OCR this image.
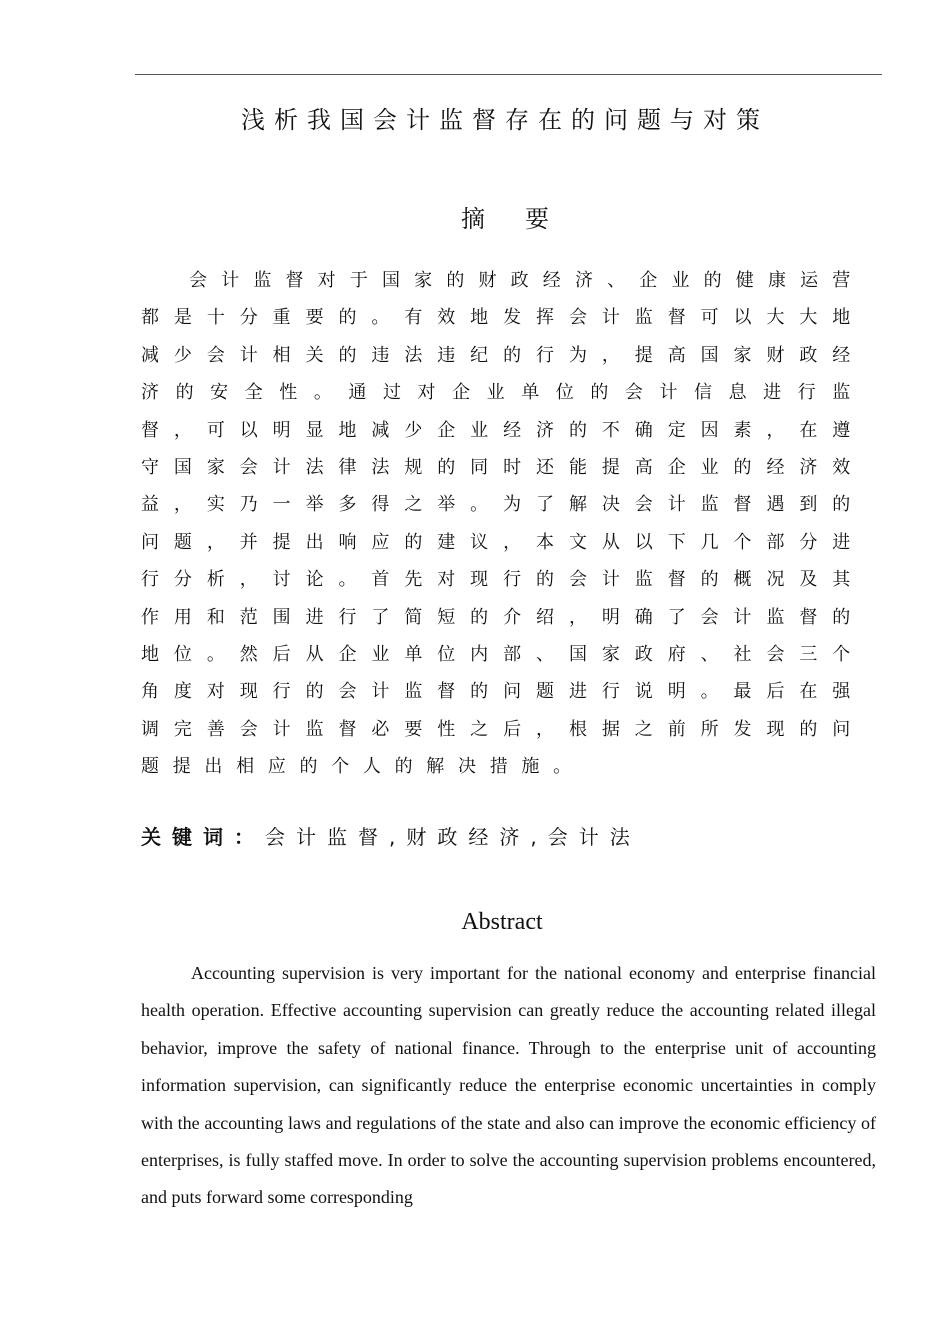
浅析我国会计监督存在的问题与对策
摘 要

会计监督对于国家的财政经济、企业的健康运营都是十分重要的。有效地发挥会计监督可以大大地减少会计相关的违法违纪的行为，提高国家财政经济的安全性。通过对企业单位的会计信息进行监督，可以明显地减少企业经济的不确定因素，在遵守国家会计法律法规的同时还能提高企业的经济效益，实乃一举多得之举。为了解决会计监督遇到的问题，并提出响应的建议，本文从以下几个部分进行分析，讨论。首先对现行的会计监督的概况及其作用和范围进行了简短的介绍，明确了会计监督的地位。然后从企业单位内部、国家政府、社会三个角度对现行的会计监督的问题进行说明。最后在强调完善会计监督必要性之后，根据之前所发现的问题提出相应的个人的解决措施。

关键词：会计监督,财政经济,会计法
Abstract

Accounting supervision is very important for the national economy and enterprise financial health operation. Effective accounting supervision can greatly reduce the accounting related illegal behavior, improve the safety of national finance. Through to the enterprise unit of accounting information supervision, can significantly reduce the enterprise economic uncertainties in comply with the accounting laws and regulations of the state and also can improve the economic efficiency of enterprises, is fully staffed move. In order to solve the accounting supervision problems encountered, and puts forward some corresponding
